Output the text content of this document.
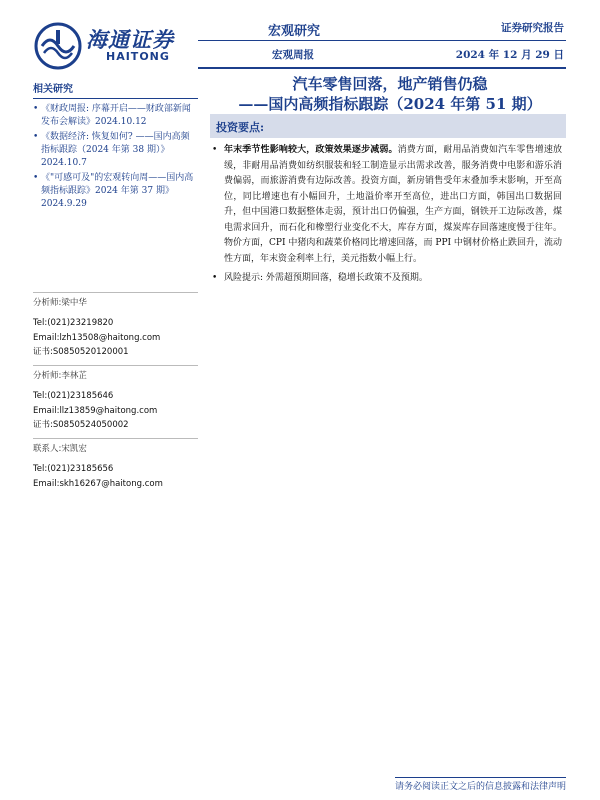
海通证券
HAITONG
宏观研究
宏观周报
证券研究报告
2024 年 12 月 29 日
相关研究
• 《财政周报: 序幕开启——财政部新闻发布会解读》2024.10.12
• 《数据经济: 恢复如何? ——国内高频指标跟踪（2024 年第 38 期）》2024.10.7
• 《"可感可及"的宏观转向周——国内高频指标跟踪》2024 年第 37 期》2024.9.29
分析师:梁中华
Tel:(021)23219820
Email:lzh13508@haitong.com
证书:S0850520120001
分析师:李林芷
Tel:(021)23185646
Email:llz13859@haitong.com
证书:S0850524050002
联系人:宋凯宏
Tel:(021)23185656
Email:skh16267@haitong.com
汽车零售回落，地产销售仍稳
——国内高频指标跟踪（2024 年第 51 期）
投资要点:
• 年末季节性影响较大，政策效果逐步减弱。消费方面，耐用品消费如汽车零售增速放缓，非耐用品消费如纺织服装和轻工制造显示出需求改善，服务消费中电影和游乐消费偏弱，而旅游消费有边际改善。投资方面，新房销售受年末叠加季末影响，开至高位，同比增速也有小幅回升，土地溢价率开至高位，进出口方面，韩国出口数据回升，但中国港口数据整体走弱，预计出口仍偏强，生产方面，钢铁开工边际改善，煤电需求回升，而石化和橡塑行业变化不大，库存方面，煤炭库存回落速度慢于往年。物价方面，CPI 中猪肉和蔬菜价格同比增速回落，而 PPI 中钢材价格止跌回升，流动性方面，年末资金利率上行，美元指数小幅上行。
• 风险提示: 外需超预期回落，稳增长政策不及预期。
请务必阅读正文之后的信息披露和法律声明
